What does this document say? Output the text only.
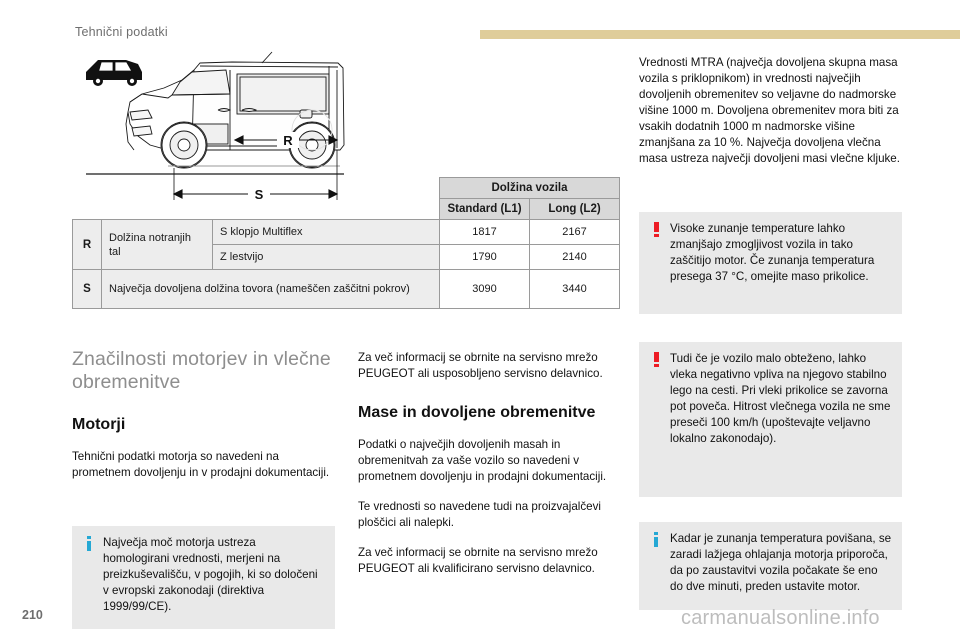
Tehnični podatki
R
S
			Dolžina vozila	
			Standard (L1)	Long (L2)
R	Dolžina notranjih tal	S klopjo Multiflex	1817	2167

		Z lestvijo	1790	2140
S	Največja dovoljena dolžina tovora (nameščen zaščitni pokrov)		3090	3440
Značilnosti motorjev in vlečne obremenitve
Motorji

Tehnični podatki motorja so navedeni na prometnem dovoljenju in v prodajni dokumentaciji.

Največja moč motorja ustreza homologirani vrednosti, merjeni na preizkuševališču, v pogojih, ki so določeni v evropski zakonodaji (direktiva 1999/99/CE).

Za več informacij se obrnite na servisno mrežo PEUGEOT ali usposobljeno servisno delavnico.

Mase in dovoljene obremenitve

Podatki o največjih dovoljenih masah in obremenitvah za vaše vozilo so navedeni v prometnem dovoljenju in prodajni dokumentaciji.

Te vrednosti so navedene tudi na proizvajalčevi ploščici ali nalepki.

Za več informacij se obrnite na servisno mrežo PEUGEOT ali kvalificirano servisno delavnico.

Vrednosti MTRA (največja dovoljena skupna masa vozila s priklopnikom) in vrednosti največjih dovoljenih obremenitev so veljavne do nadmorske višine 1000 m. Dovoljena obremenitev mora biti za vsakih dodatnih 1000 m nadmorske višine zmanjšana za 10 %. Največja dovoljena vlečna masa ustreza največji dovoljeni masi vlečne kljuke.

Visoke zunanje temperature lahko zmanjšajo zmogljivost vozila in tako zaščitijo motor. Če zunanja temperatura presega 37 °C, omejite maso prikolice.
Tudi če je vozilo malo obteženo, lahko vleka negativno vpliva na njegovo stabilno lego na cesti. Pri vleki prikolice se zavorna pot poveča. Hitrost vlečnega vozila ne sme preseči 100 km/h (upoštevajte veljavno lokalno zakonodajo).
Kadar je zunanja temperatura povišana, se zaradi lažjega ohlajanja motorja priporoča, da po zaustavitvi vozila počakate še eno do dve minuti, preden ustavite motor.
210	carmanualsonline.info
